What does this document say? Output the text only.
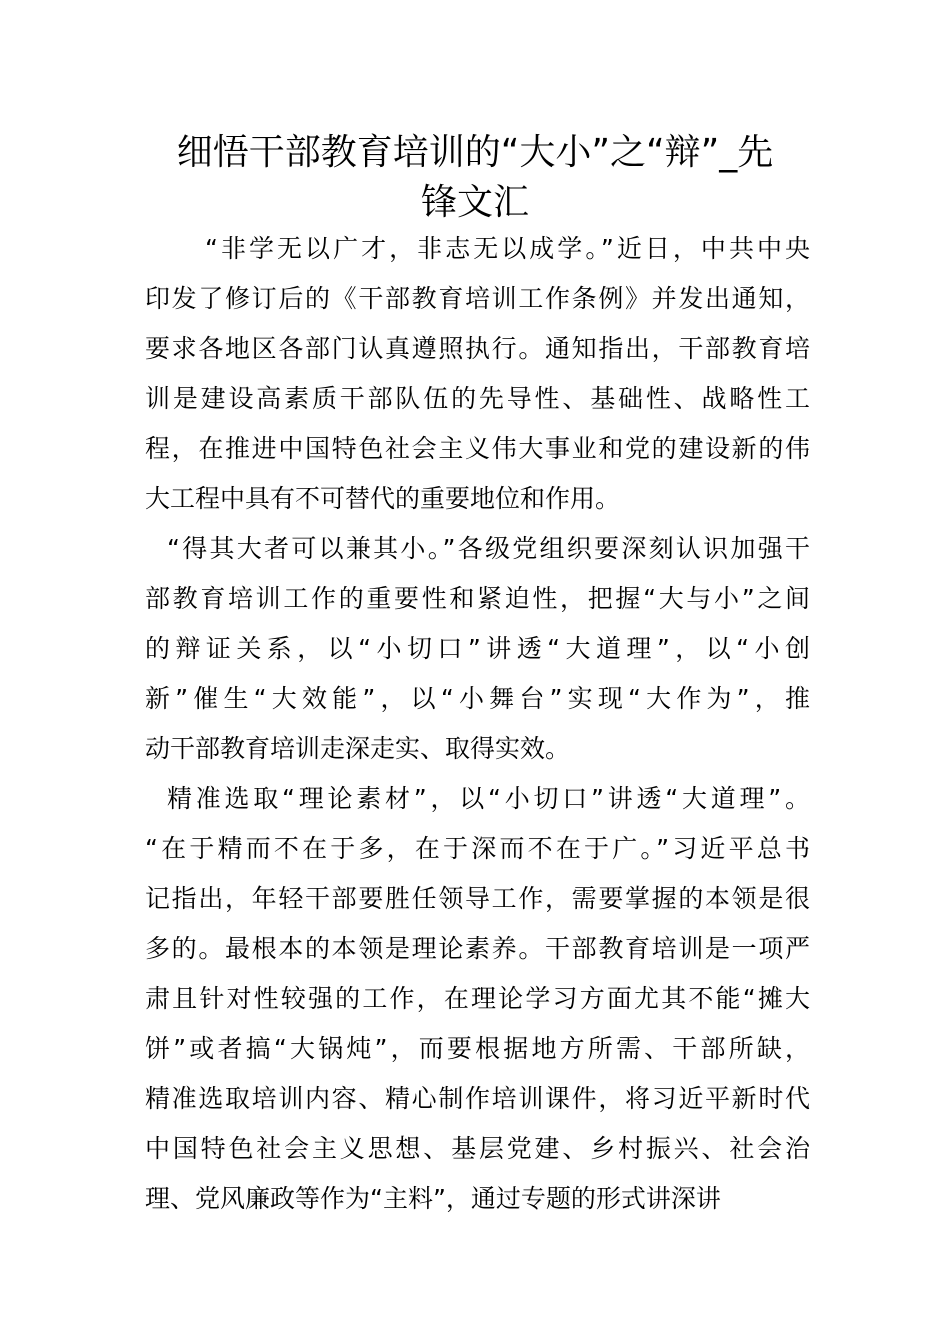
细悟干部教育培训的“大小”之“辩”_先
锋文汇
“非学无以广才，非志无以成学。”近日，中共中央
印发了修订后的《干部教育培训工作条例》并发出通知，
要求各地区各部门认真遵照执行。通知指出，干部教育培
训是建设高素质干部队伍的先导性、基础性、战略性工
程，在推进中国特色社会主义伟大事业和党的建设新的伟
大工程中具有不可替代的重要地位和作用。
“得其大者可以兼其小。”各级党组织要深刻认识加强干
部教育培训工作的重要性和紧迫性，把握“大与小”之间
的辩证关系，以“小切口”讲透“大道理”，以“小创
新”催生“大效能”，以“小舞台”实现“大作为”，推
动干部教育培训走深走实、取得实效。
精准选取“理论素材”，以“小切口”讲透“大道理”。
“在于精而不在于多，在于深而不在于广。”习近平总书
记指出，年轻干部要胜任领导工作，需要掌握的本领是很
多的。最根本的本领是理论素养。干部教育培训是一项严
肃且针对性较强的工作，在理论学习方面尤其不能“摊大
饼”或者搞“大锅炖”，而要根据地方所需、干部所缺，
精准选取培训内容、精心制作培训课件，将习近平新时代
中国特色社会主义思想、基层党建、乡村振兴、社会治
理、党风廉政等作为“主料”，通过专题的形式讲深讲
